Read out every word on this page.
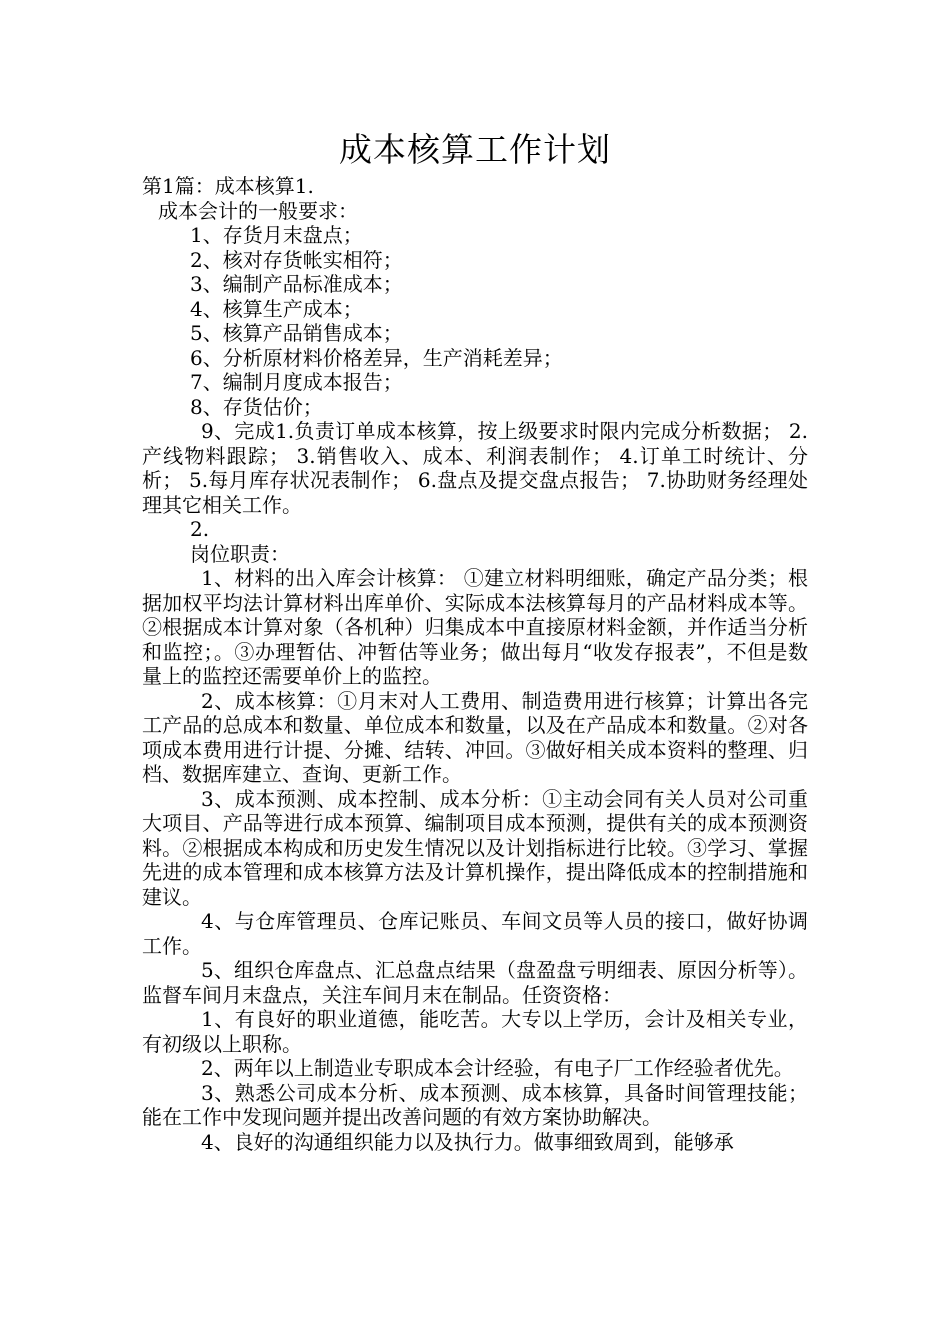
成本核算工作计划

第1篇：成本核算1.

成本会计的一般要求：

1、存货月末盘点；

2、核对存货帐实相符；

3、编制产品标准成本；

4、核算生产成本；

5、核算产品销售成本；

6、分析原材料价格差异，生产消耗差异；

7、编制月度成本报告；

8、存货估价；

9、完成1.负责订单成本核算，按上级要求时限内完成分析数据； 2.产线物料跟踪； 3.销售收入、成本、利润表制作； 4.订单工时统计、分析； 5.每月库存状况表制作； 6.盘点及提交盘点报告； 7.协助财务经理处理其它相关工作。

2.

岗位职责：

1、材料的出入库会计核算： ①建立材料明细账，确定产品分类；根据加权平均法计算材料出库单价、实际成本法核算每月的产品材料成本等。②根据成本计算对象（各机种）归集成本中直接原材料金额，并作适当分析和监控；。③办理暂估、冲暂估等业务；做出每月“收发存报表”，不但是数量上的监控还需要单价上的监控。

2、成本核算：①月末对人工费用、制造费用进行核算；计算出各完工产品的总成本和数量、单位成本和数量，以及在产品成本和数量。②对各项成本费用进行计提、分摊、结转、冲回。③做好相关成本资料的整理、归档、数据库建立、查询、更新工作。

3、成本预测、成本控制、成本分析：①主动会同有关人员对公司重大项目、产品等进行成本预算、编制项目成本预测，提供有关的成本预测资料。②根据成本构成和历史发生情况以及计划指标进行比较。③学习、掌握先进的成本管理和成本核算方法及计算机操作，提出降低成本的控制措施和建议。

4、与仓库管理员、仓库记账员、车间文员等人员的接口，做好协调工作。

5、组织仓库盘点、汇总盘点结果（盘盈盘亏明细表、原因分析等）。监督车间月末盘点，关注车间月末在制品。任资资格：

1、有良好的职业道德，能吃苦。大专以上学历，会计及相关专业，有初级以上职称。

2、两年以上制造业专职成本会计经验，有电子厂工作经验者优先。

3、熟悉公司成本分析、成本预测、成本核算，具备时间管理技能；能在工作中发现问题并提出改善问题的有效方案协助解决。

4、良好的沟通组织能力以及执行力。做事细致周到，能够承
